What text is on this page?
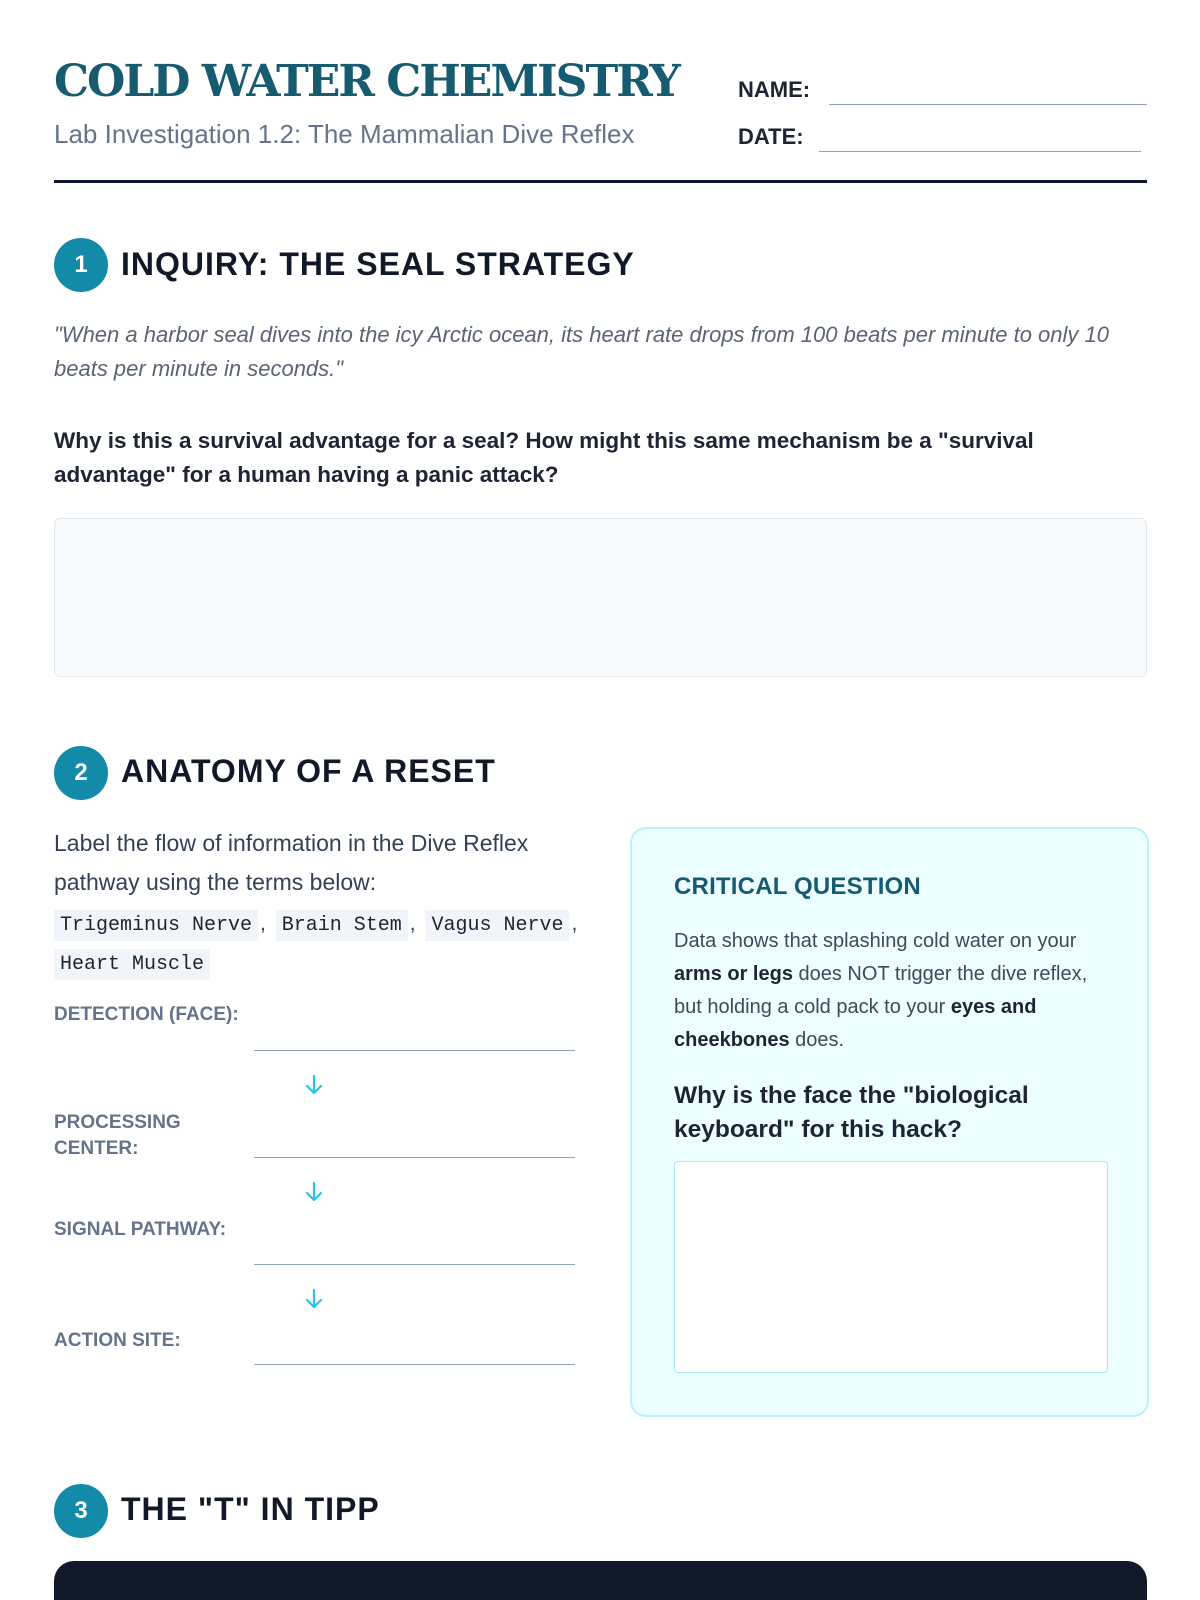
COLD WATER CHEMISTRY
Lab Investigation 1.2: The Mammalian Dive Reflex
NAME:
DATE:
1	INQUIRY: THE SEAL STRATEGY
"When a harbor seal dives into the icy Arctic ocean, its heart rate drops from 100 beats per minute to only 10 beats per minute in seconds."
Why is this a survival advantage for a seal? How might this same mechanism be a "survival advantage" for a human having a panic attack?
2	ANATOMY OF A RESET
Label the flow of information in the Dive Reflex pathway using the terms below:
Trigeminus Nerve , Brain Stem , Vagus Nerve ,
Heart Muscle
DETECTION (FACE):
PROCESSING CENTER:
SIGNAL PATHWAY:
ACTION SITE:
CRITICAL QUESTION
Data shows that splashing cold water on your arms or legs does NOT trigger the dive reflex, but holding a cold pack to your eyes and cheekbones does.
Why is the face the "biological keyboard" for this hack?
3	THE "T" IN TIPP
